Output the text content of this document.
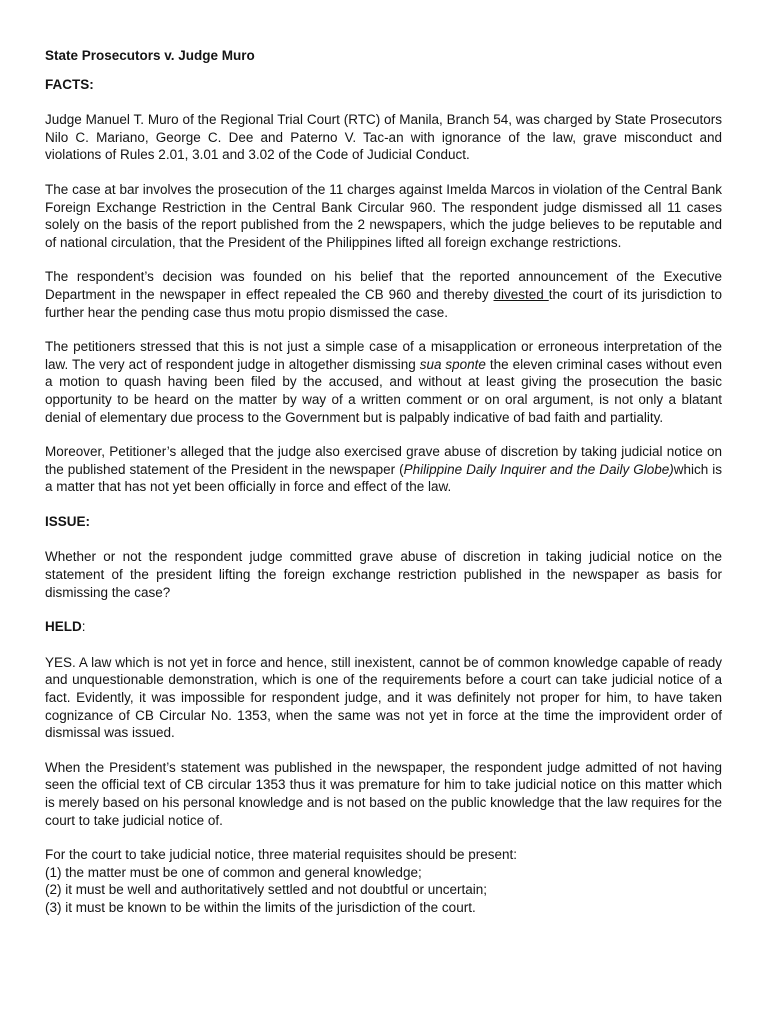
State Prosecutors v. Judge Muro
FACTS:

Judge Manuel T. Muro of the Regional Trial Court (RTC) of Manila, Branch 54, was charged by State Prosecutors Nilo C. Mariano, George C. Dee and Paterno V. Tac-an with ignorance of the law, grave misconduct and violations of Rules 2.01, 3.01 and 3.02 of the Code of Judicial Conduct.

The case at bar involves the prosecution of the 11 charges against Imelda Marcos in violation of the Central Bank Foreign Exchange Restriction in the Central Bank Circular 960. The respondent judge dismissed all 11 cases solely on the basis of the report published from the 2 newspapers, which the judge believes to be reputable and of national circulation, that the President of the Philippines lifted all foreign exchange restrictions.

The respondent’s decision was founded on his belief that the reported announcement of the Executive Department in the newspaper in effect repealed the CB 960 and thereby divested the court of its jurisdiction to further hear the pending case thus motu propio dismissed the case.

The petitioners stressed that this is not just a simple case of a misapplication or erroneous interpretation of the law. The very act of respondent judge in altogether dismissing sua sponte the eleven criminal cases without even a motion to quash having been filed by the accused, and without at least giving the prosecution the basic opportunity to be heard on the matter by way of a written comment or on oral argument, is not only a blatant denial of elementary due process to the Government but is palpably indicative of bad faith and partiality.

Moreover, Petitioner’s alleged that the judge also exercised grave abuse of discretion by taking judicial notice on the published statement of the President in the newspaper (Philippine Daily Inquirer and the Daily Globe)which is a matter that has not yet been officially in force and effect of the law.

ISSUE:

Whether or not the respondent judge committed grave abuse of discretion in taking judicial notice on the statement of the president lifting the foreign exchange restriction published in the newspaper as basis for dismissing the case?

HELD:

YES. A law which is not yet in force and hence, still inexistent, cannot be of common knowledge capable of ready and unquestionable demonstration, which is one of the requirements before a court can take judicial notice of a fact. Evidently, it was impossible for respondent judge, and it was definitely not proper for him, to have taken cognizance of CB Circular No. 1353, when the same was not yet in force at the time the improvident order of dismissal was issued.

When the President’s statement was published in the newspaper, the respondent judge admitted of not having seen the official text of CB circular 1353 thus it was premature for him to take judicial notice on this matter which is merely based on his personal knowledge and is not based on the public knowledge that the law requires for the court to take judicial notice of.

For the court to take judicial notice, three material requisites should be present:
(1) the matter must be one of common and general knowledge;
(2) it must be well and authoritatively settled and not doubtful or uncertain;
(3) it must be known to be within the limits of the jurisdiction of the court.
